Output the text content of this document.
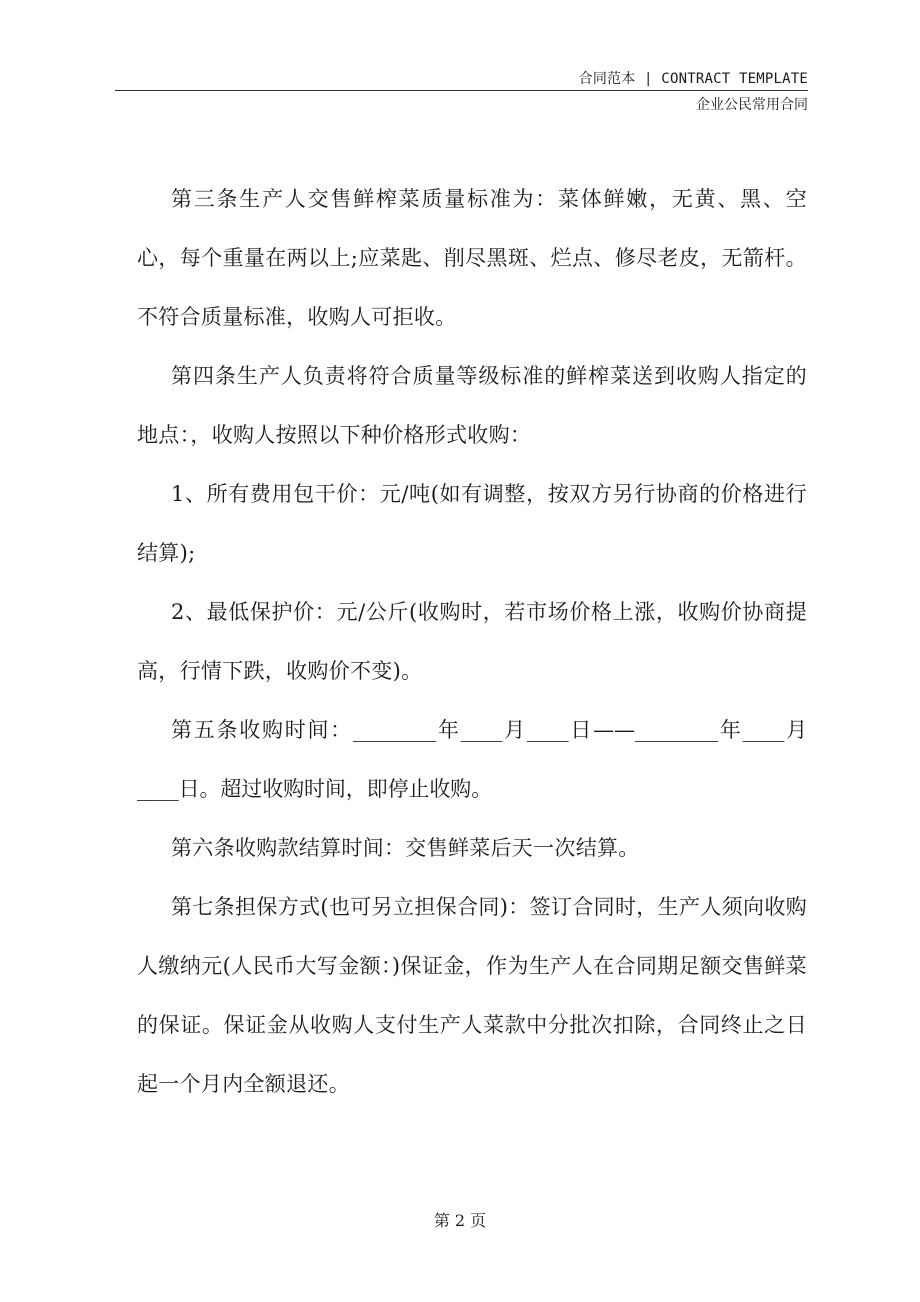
合同范本 | CONTRACT TEMPLATE
企业公民常用合同

第三条生产人交售鲜榨菜质量标准为：菜体鲜嫩，无黄、黑、空心，每个重量在两以上;应菜匙、削尽黑斑、烂点、修尽老皮，无箭杆。不符合质量标准，收购人可拒收。

第四条生产人负责将符合质量等级标准的鲜榨菜送到收购人指定的地点：，收购人按照以下种价格形式收购：

1、所有费用包干价：元/吨(如有调整，按双方另行协商的价格进行结算);

2、最低保护价：元/公斤(收购时，若市场价格上涨，收购价协商提高，行情下跌，收购价不变)。

第五条收购时间：________年____月____日——________年____月____日。超过收购时间，即停止收购。

第六条收购款结算时间：交售鲜菜后天一次结算。

第七条担保方式(也可另立担保合同)：签订合同时，生产人须向收购人缴纳元(人民币大写金额：)保证金，作为生产人在合同期足额交售鲜菜的保证。保证金从收购人支付生产人菜款中分批次扣除，合同终止之日起一个月内全额退还。

第 2 页
